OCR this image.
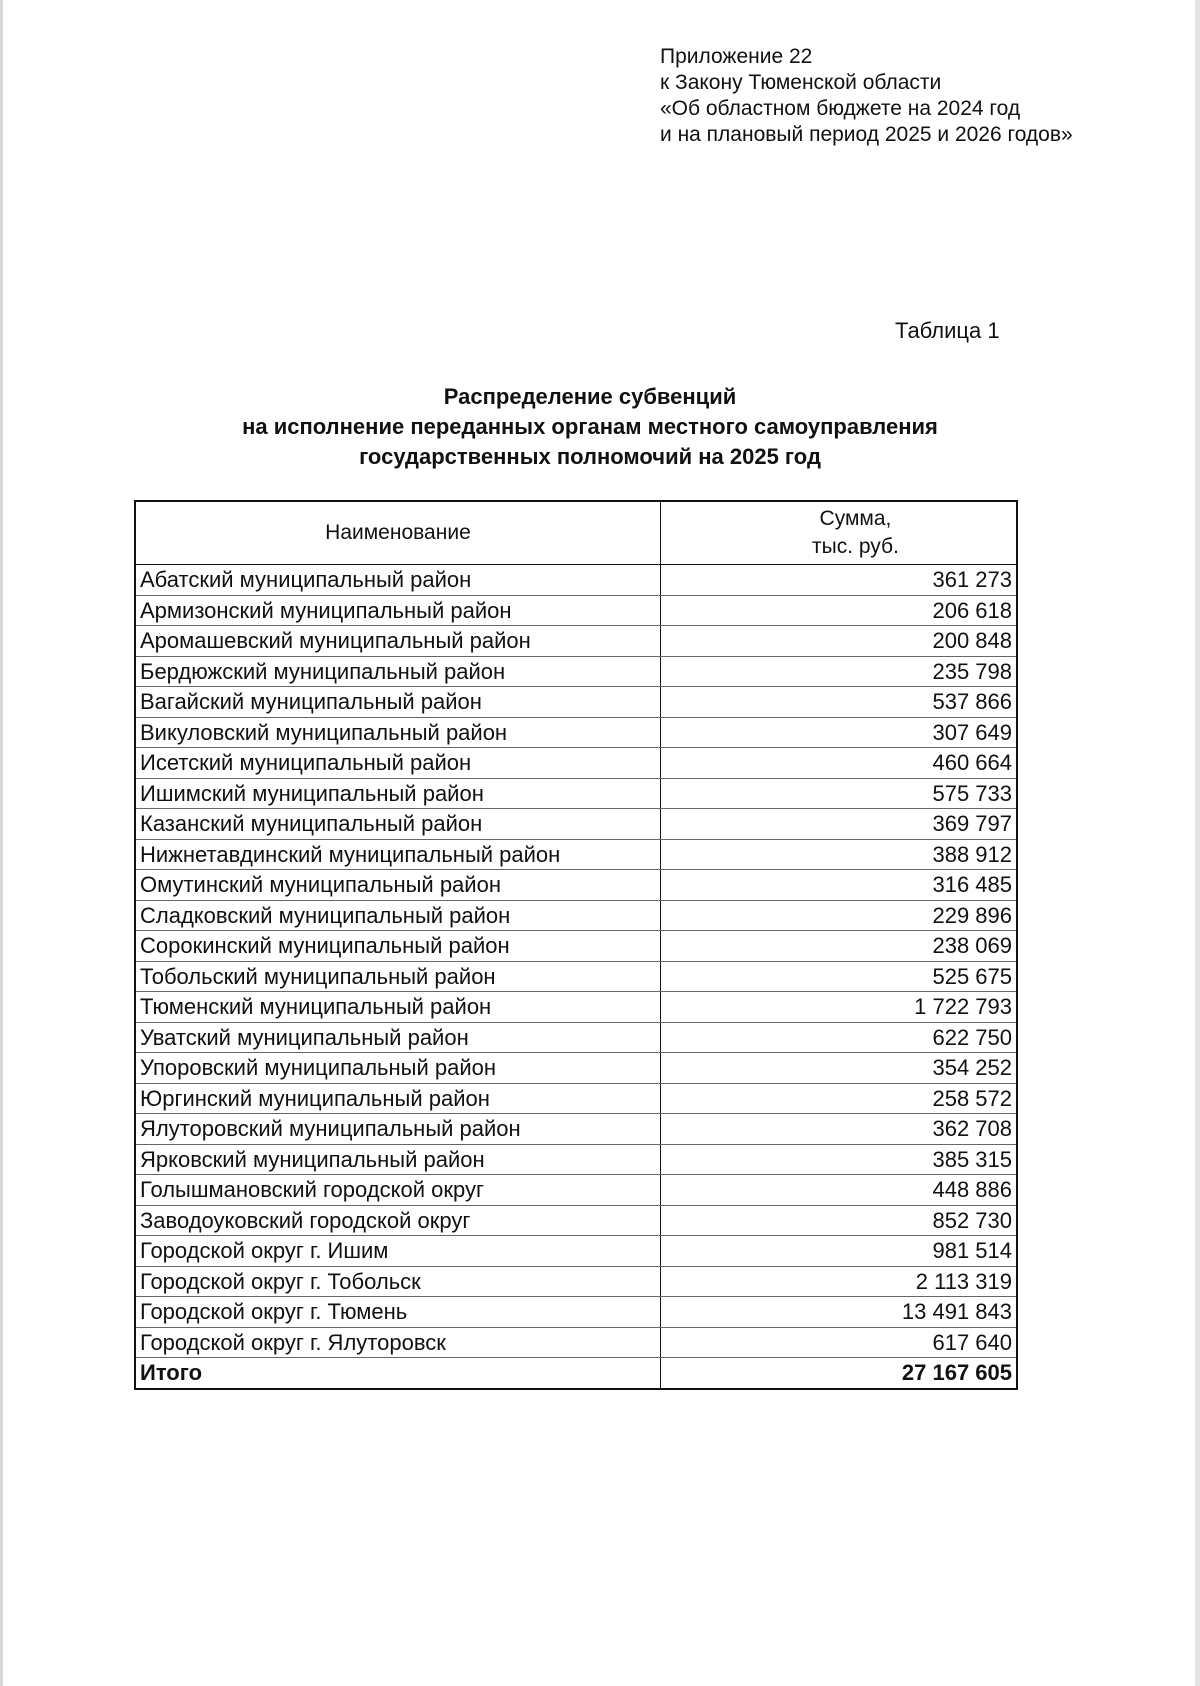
Приложение 22
к Закону Тюменской области
«Об областном бюджете на 2024 год
и на плановый период 2025 и 2026 годов»
Таблица 1
Распределение субвенций
на исполнение переданных органам местного самоуправления
государственных полномочий на 2025 год
Наименование	Сумма,
тыс. руб.

Абатский муниципальный район	361 273
Армизонский муниципальный район	206 618
Аромашевский муниципальный район	200 848
Бердюжский муниципальный район	235 798
Вагайский муниципальный район	537 866
Викуловский муниципальный район	307 649
Исетский муниципальный район	460 664
Ишимский муниципальный район	575 733
Казанский муниципальный район	369 797
Нижнетавдинский муниципальный район	388 912
Омутинский муниципальный район	316 485
Сладковский муниципальный район	229 896
Сорокинский муниципальный район	238 069
Тобольский муниципальный район	525 675
Тюменский муниципальный район	1 722 793
Уватский муниципальный район	622 750
Упоровский муниципальный район	354 252
Юргинский муниципальный район	258 572
Ялуторовский муниципальный район	362 708
Ярковский муниципальный район	385 315
Голышмановский городской округ	448 886
Заводоуковский городской округ	852 730
Городской округ г. Ишим	981 514
Городской округ г. Тобольск	2 113 319
Городской округ г. Тюмень	13 491 843
Городской округ г. Ялуторовск	617 640
Итого	27 167 605
